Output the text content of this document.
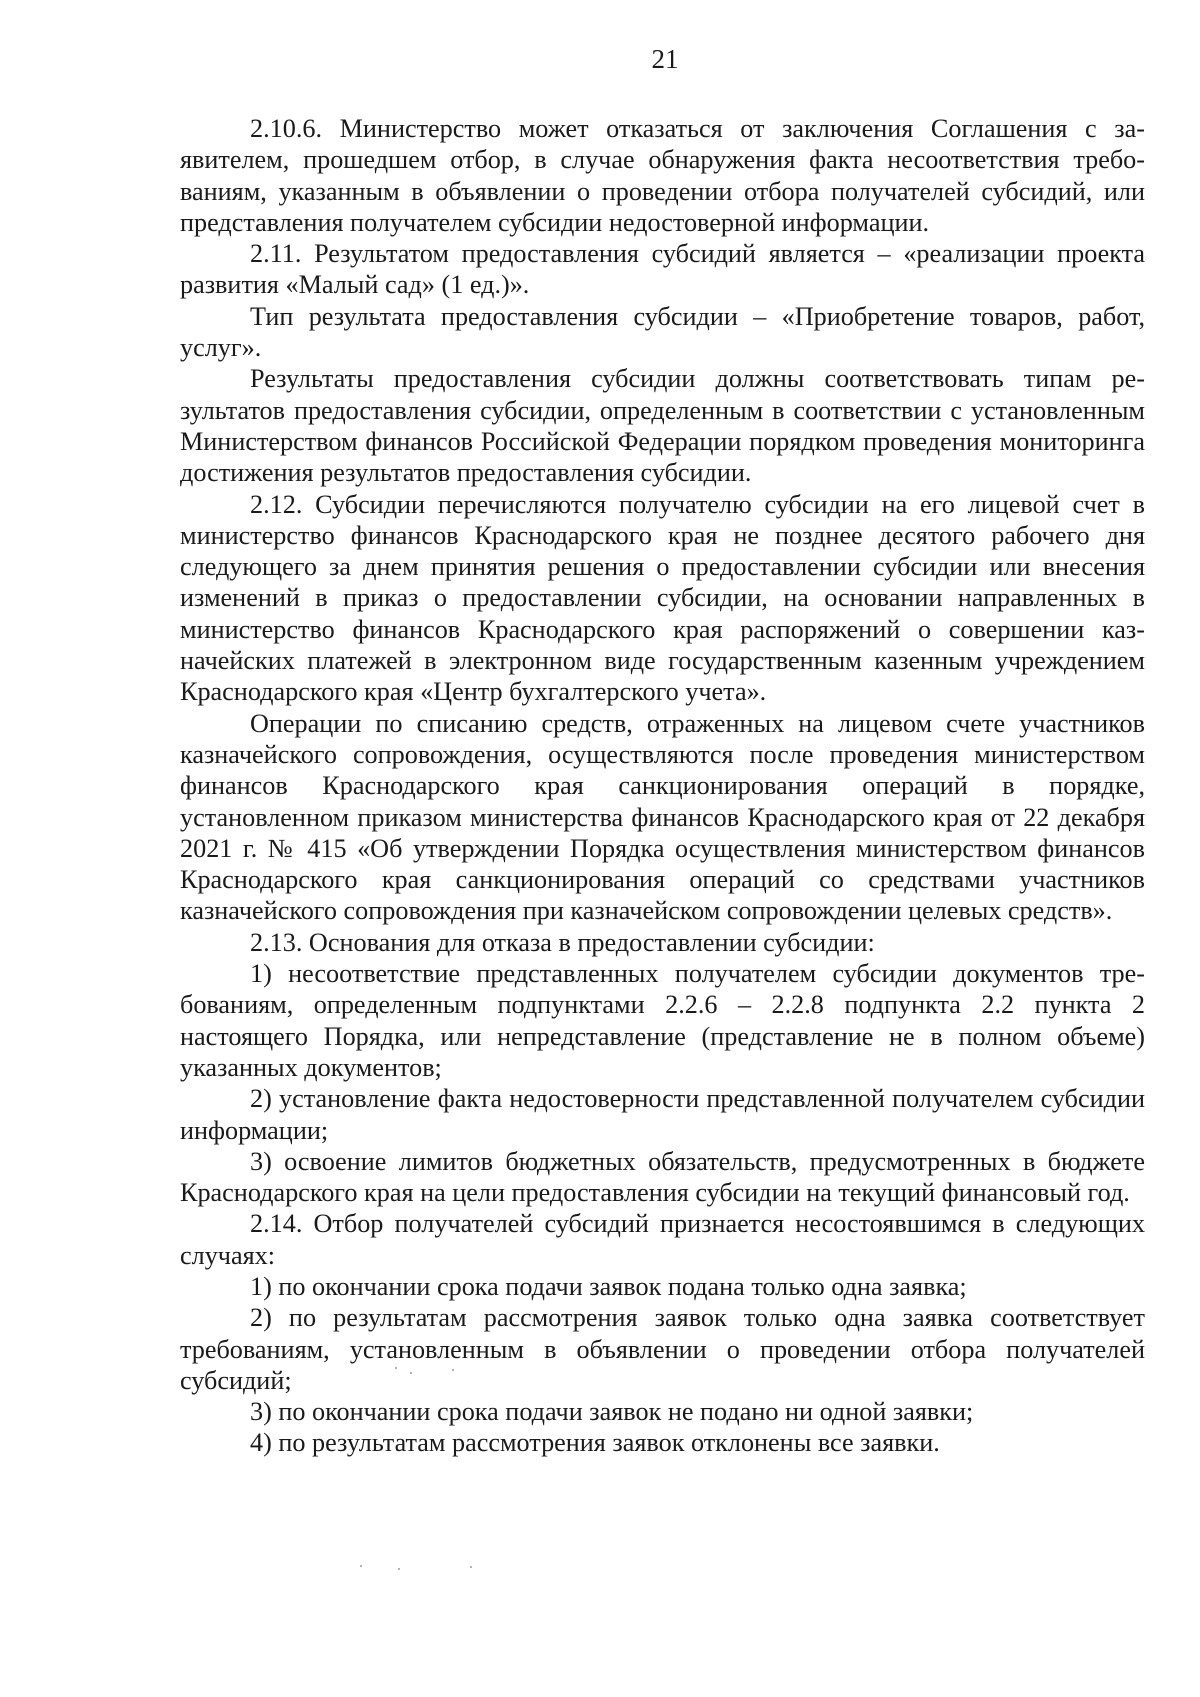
21

2.10.6. Министерство может отказаться от заключения Соглашения с заявителем, прошедшем отбор, в случае обнаружения факта несоответствия требованиям, указанным в объявлении о проведении отбора получателей субсидий, или представления получателем субсидии недостоверной информации.

2.11. Результатом предоставления субсидий является – «реализации проекта развития «Малый сад» (1 ед.)».

Тип результата предоставления субсидии – «Приобретение товаров, работ, услуг».

Результаты предоставления субсидии должны соответствовать типам результатов предоставления субсидии, определенным в соответствии с установленным Министерством финансов Российской Федерации порядком проведения мониторинга достижения результатов предоставления субсидии.

2.12. Субсидии перечисляются получателю субсидии на его лицевой счет в министерство финансов Краснодарского края не позднее десятого рабочего дня следующего за днем принятия решения о предоставлении субсидии или внесения изменений в приказ о предоставлении субсидии, на основании направленных в министерство финансов Краснодарского края распоряжений о совершении казначейских платежей в электронном виде государственным казенным учреждением Краснодарского края «Центр бухгалтерского учета».

Операции по списанию средств, отраженных на лицевом счете участников казначейского сопровождения, осуществляются после проведения министерством финансов Краснодарского края санкционирования операций в порядке, установленном приказом министерства финансов Краснодарского края от 22 декабря 2021 г. № 415 «Об утверждении Порядка осуществления министерством финансов Краснодарского края санкционирования операций со средствами участников казначейского сопровождения при казначейском сопровождении целевых средств».

2.13. Основания для отказа в предоставлении субсидии:

1) несоответствие представленных получателем субсидии документов требованиям, определенным подпунктами 2.2.6 – 2.2.8 подпункта 2.2 пункта 2 настоящего Порядка, или непредставление (представление не в полном объеме) указанных документов;

2) установление факта недостоверности представленной получателем субсидии информации;

3) освоение лимитов бюджетных обязательств, предусмотренных в бюджете Краснодарского края на цели предоставления субсидии на текущий финансовый год.

2.14. Отбор получателей субсидий признается несостоявшимся в следующих случаях:

1) по окончании срока подачи заявок подана только одна заявка;

2) по результатам рассмотрения заявок только одна заявка соответствует требованиям, установленным в объявлении о проведении отбора получателей субсидий;

3) по окончании срока подачи заявок не подано ни одной заявки;

4) по результатам рассмотрения заявок отклонены все заявки.
